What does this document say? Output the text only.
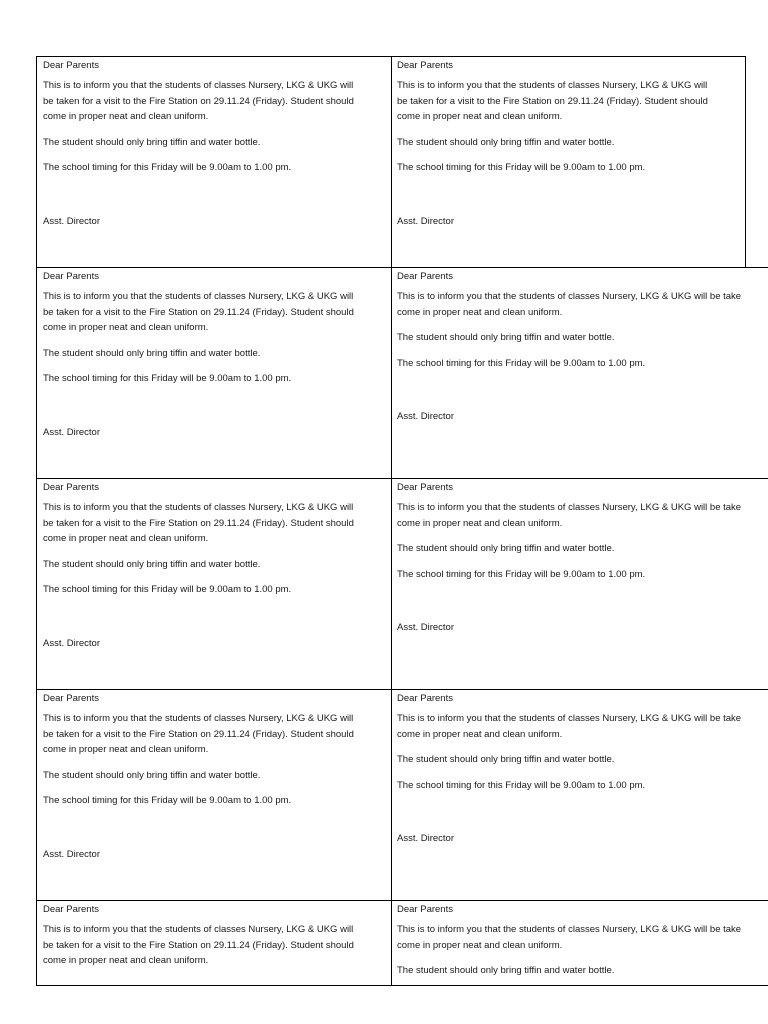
Dear Parents

This is to inform you that the students of classes Nursery, LKG & UKG will
be taken for a visit to the Fire Station on 29.11.24 (Friday). Student should
come in proper neat and clean uniform.

The student should only bring tiffin and water bottle.

The school timing for this Friday will be 9.00am to 1.00 pm.

Asst. Director

Dear Parents

This is to inform you that the students of classes Nursery, LKG & UKG will
be taken for a visit to the Fire Station on 29.11.24 (Friday). Student should
come in proper neat and clean uniform.

The student should only bring tiffin and water bottle.

The school timing for this Friday will be 9.00am to 1.00 pm.

Asst. Director

Dear Parents

This is to inform you that the students of classes Nursery, LKG & UKG will
be taken for a visit to the Fire Station on 29.11.24 (Friday). Student should
come in proper neat and clean uniform.

The student should only bring tiffin and water bottle.

The school timing for this Friday will be 9.00am to 1.00 pm.

Asst. Director

Dear Parents

This is to inform you that the students of classes Nursery, LKG & UKG will be take
come in proper neat and clean uniform.

The student should only bring tiffin and water bottle.

The school timing for this Friday will be 9.00am to 1.00 pm.

Asst. Director

Dear Parents

This is to inform you that the students of classes Nursery, LKG & UKG will
be taken for a visit to the Fire Station on 29.11.24 (Friday). Student should
come in proper neat and clean uniform.

The student should only bring tiffin and water bottle.

The school timing for this Friday will be 9.00am to 1.00 pm.

Asst. Director

Dear Parents

This is to inform you that the students of classes Nursery, LKG & UKG will be take
come in proper neat and clean uniform.

The student should only bring tiffin and water bottle.

The school timing for this Friday will be 9.00am to 1.00 pm.

Asst. Director

Dear Parents

This is to inform you that the students of classes Nursery, LKG & UKG will
be taken for a visit to the Fire Station on 29.11.24 (Friday). Student should
come in proper neat and clean uniform.

The student should only bring tiffin and water bottle.

The school timing for this Friday will be 9.00am to 1.00 pm.

Asst. Director

Dear Parents

This is to inform you that the students of classes Nursery, LKG & UKG will be take
come in proper neat and clean uniform.

The student should only bring tiffin and water bottle.

The school timing for this Friday will be 9.00am to 1.00 pm.

Asst. Director

Dear Parents

This is to inform you that the students of classes Nursery, LKG & UKG will
be taken for a visit to the Fire Station on 29.11.24 (Friday). Student should
come in proper neat and clean uniform.

Dear Parents

This is to inform you that the students of classes Nursery, LKG & UKG will be take
come in proper neat and clean uniform.

The student should only bring tiffin and water bottle.
